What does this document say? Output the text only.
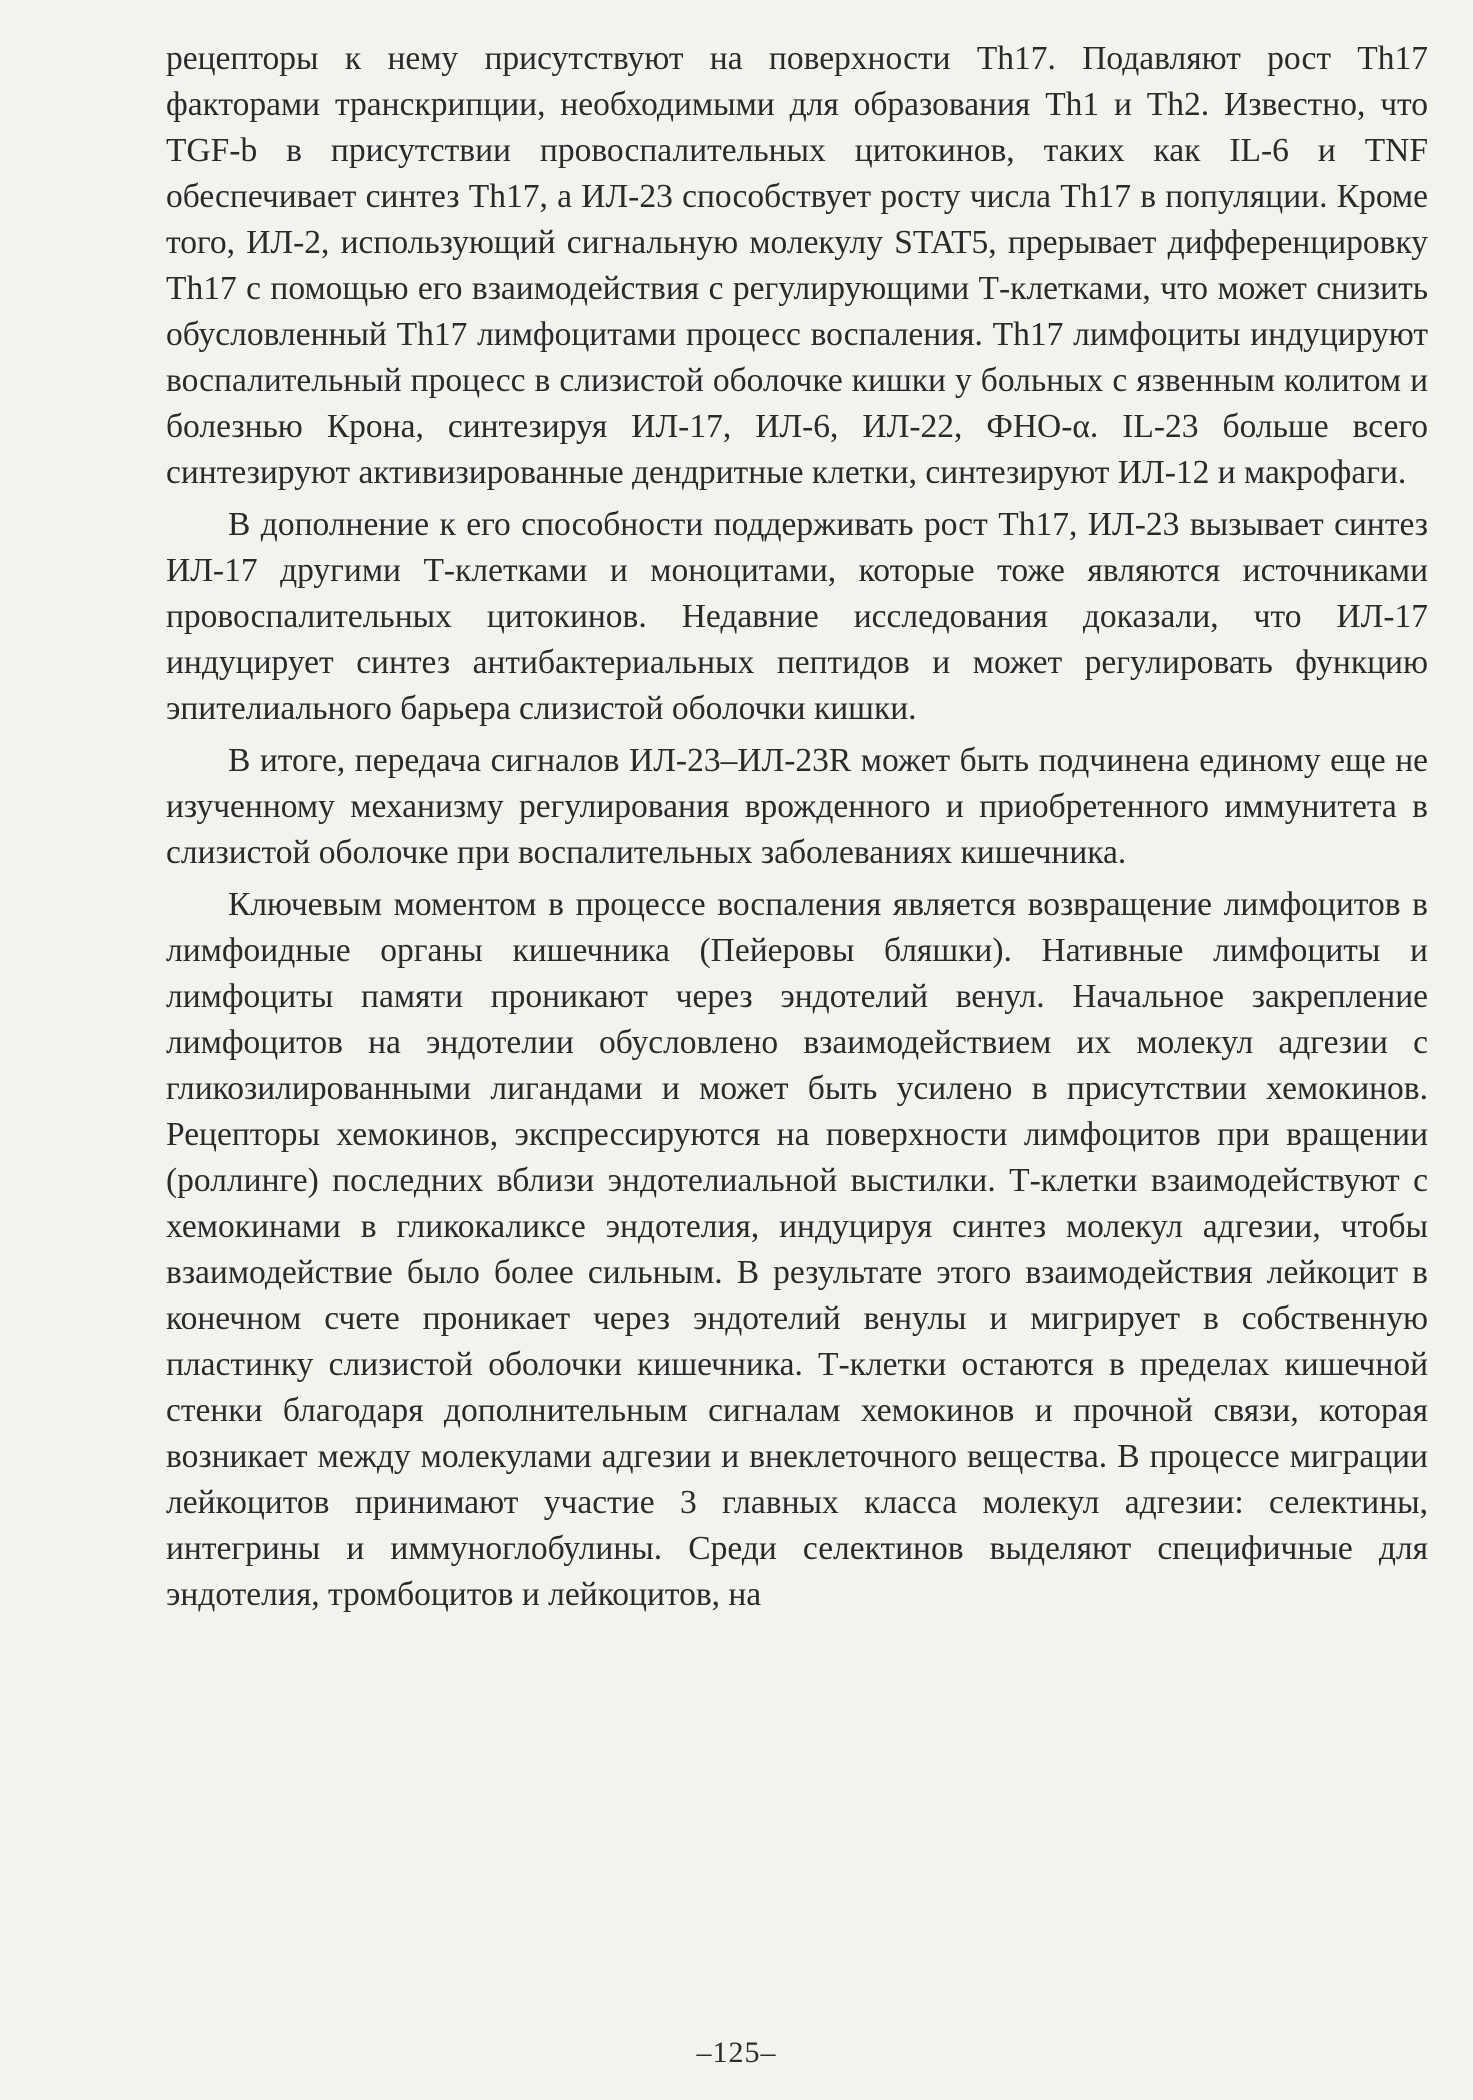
рецепторы к нему присутствуют на поверхности Th17. Подавляют рост Th17 факторами транскрипции, необходимыми для образования Th1 и Th2. Известно, что TGF-b в присутствии провоспалительных цитокинов, таких как IL-6 и TNF обеспечивает синтез Th17, а ИЛ-23 способствует росту числа Th17 в популяции. Кроме того, ИЛ-2, использующий сигнальную молекулу STAT5, прерывает дифференцировку Th17 с помощью его взаимодействия с регулирующими Т-клетками, что может снизить обусловленный Th17 лимфоцитами процесс воспаления. Th17 лимфоциты индуцируют воспалительный процесс в слизистой оболочке кишки у больных с язвенным колитом и болезнью Крона, синтезируя ИЛ-17, ИЛ-6, ИЛ-22, ФНО-α. IL-23 больше всего синтезируют активизированные дендритные клетки, синтезируют ИЛ-12 и макрофаги.

В дополнение к его способности поддерживать рост Th17, ИЛ-23 вызывает синтез ИЛ-17 другими Т-клетками и моноцитами, которые тоже являются источниками провоспалительных цитокинов. Недавние исследования доказали, что ИЛ-17 индуцирует синтез антибактериальных пептидов и может регулировать функцию эпителиального барьера слизистой оболочки кишки.

В итоге, передача сигналов ИЛ-23–ИЛ-23R может быть подчинена единому еще не изученному механизму регулирования врожденного и приобретенного иммунитета в слизистой оболочке при воспалительных заболеваниях кишечника.

Ключевым моментом в процессе воспаления является возвращение лимфоцитов в лимфоидные органы кишечника (Пейеровы бляшки). Нативные лимфоциты и лимфоциты памяти проникают через эндотелий венул. Начальное закрепление лимфоцитов на эндотелии обусловлено взаимодействием их молекул адгезии с гликозилированными лигандами и может быть усилено в присутствии хемокинов. Рецепторы хемокинов, экспрессируются на поверхности лимфоцитов при вращении (роллинге) последних вблизи эндотелиальной выстилки. Т-клетки взаимодействуют с хемокинами в гликокаликсе эндотелия, индуцируя синтез молекул адгезии, чтобы взаимодействие было более сильным. В результате этого взаимодействия лейкоцит в конечном счете проникает через эндотелий венулы и мигрирует в собственную пластинку слизистой оболочки кишечника. Т-клетки остаются в пределах кишечной стенки благодаря дополнительным сигналам хемокинов и прочной связи, которая возникает между молекулами адгезии и внеклеточного вещества. В процессе миграции лейкоцитов принимают участие 3 главных класса молекул адгезии: селектины, интегрины и иммуноглобулины. Среди селектинов выделяют специфичные для эндотелия, тромбоцитов и лейкоцитов, на

–125–
